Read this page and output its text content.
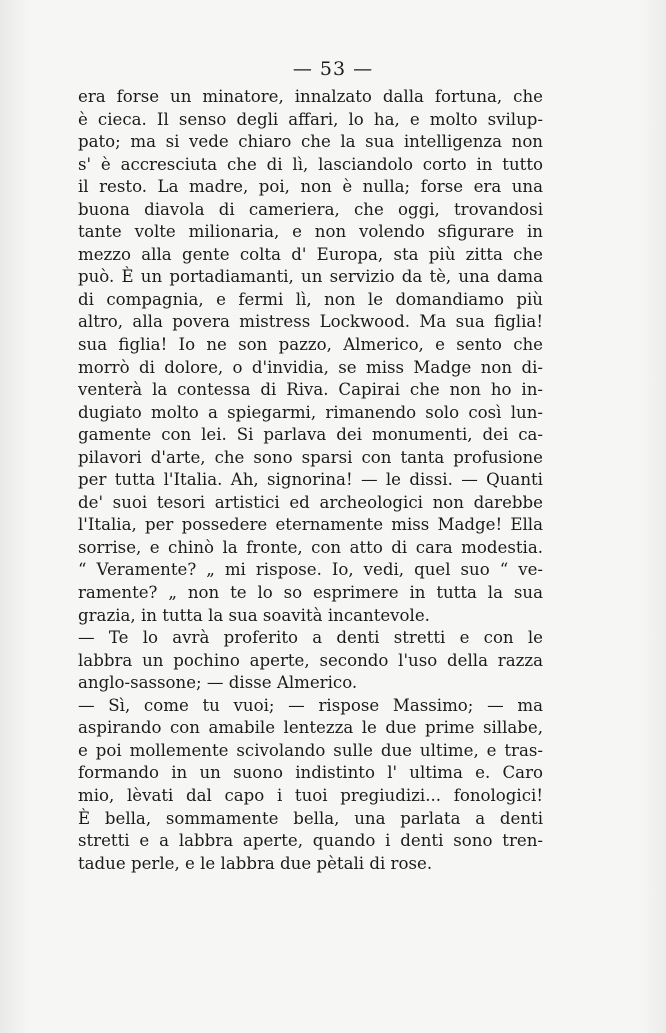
— 53 —
era forse un minatore, innalzato dalla fortuna, che
è cieca. Il senso degli affari, lo ha, e molto svilup-
pato; ma si vede chiaro che la sua intelligenza non
s' è accresciuta che di lì, lasciandolo corto in tutto
il resto. La madre, poi, non è nulla; forse era una
buona diavola di cameriera, che oggi, trovandosi
tante volte milionaria, e non volendo sfigurare in
mezzo alla gente colta d' Europa, sta più zitta che
può. È un portadiamanti, un servizio da tè, una dama
di compagnia, e fermi lì, non le domandiamo più
altro, alla povera mistress Lockwood. Ma sua figlia!
sua figlia! Io ne son pazzo, Almerico, e sento che
morrò di dolore, o d'invidia, se miss Madge non di-
venterà la contessa di Riva. Capirai che non ho in-
dugiato molto a spiegarmi, rimanendo solo così lun-
gamente con lei. Si parlava dei monumenti, dei ca-
pilavori d'arte, che sono sparsi con tanta profusione
per tutta l'Italia. Ah, signorina! — le dissi. — Quanti
de' suoi tesori artistici ed archeologici non darebbe
l'Italia, per possedere eternamente miss Madge! Ella
sorrise, e chinò la fronte, con atto di cara modestia.
“ Veramente? „ mi rispose. Io, vedi, quel suo “ ve-
ramente? „ non te lo so esprimere in tutta la sua
grazia, in tutta la sua soavità incantevole.
— Te lo avrà proferito a denti stretti e con le
labbra un pochino aperte, secondo l'uso della razza
anglo-sassone; — disse Almerico.
— Sì, come tu vuoi; — rispose Massimo; — ma
aspirando con amabile lentezza le due prime sillabe,
e poi mollemente scivolando sulle due ultime, e tras-
formando in un suono indistinto l' ultima e. Caro
mio, lèvati dal capo i tuoi pregiudizi... fonologici!
È bella, sommamente bella, una parlata a denti
stretti e a labbra aperte, quando i denti sono tren-
tadue perle, e le labbra due pètali di rose.
